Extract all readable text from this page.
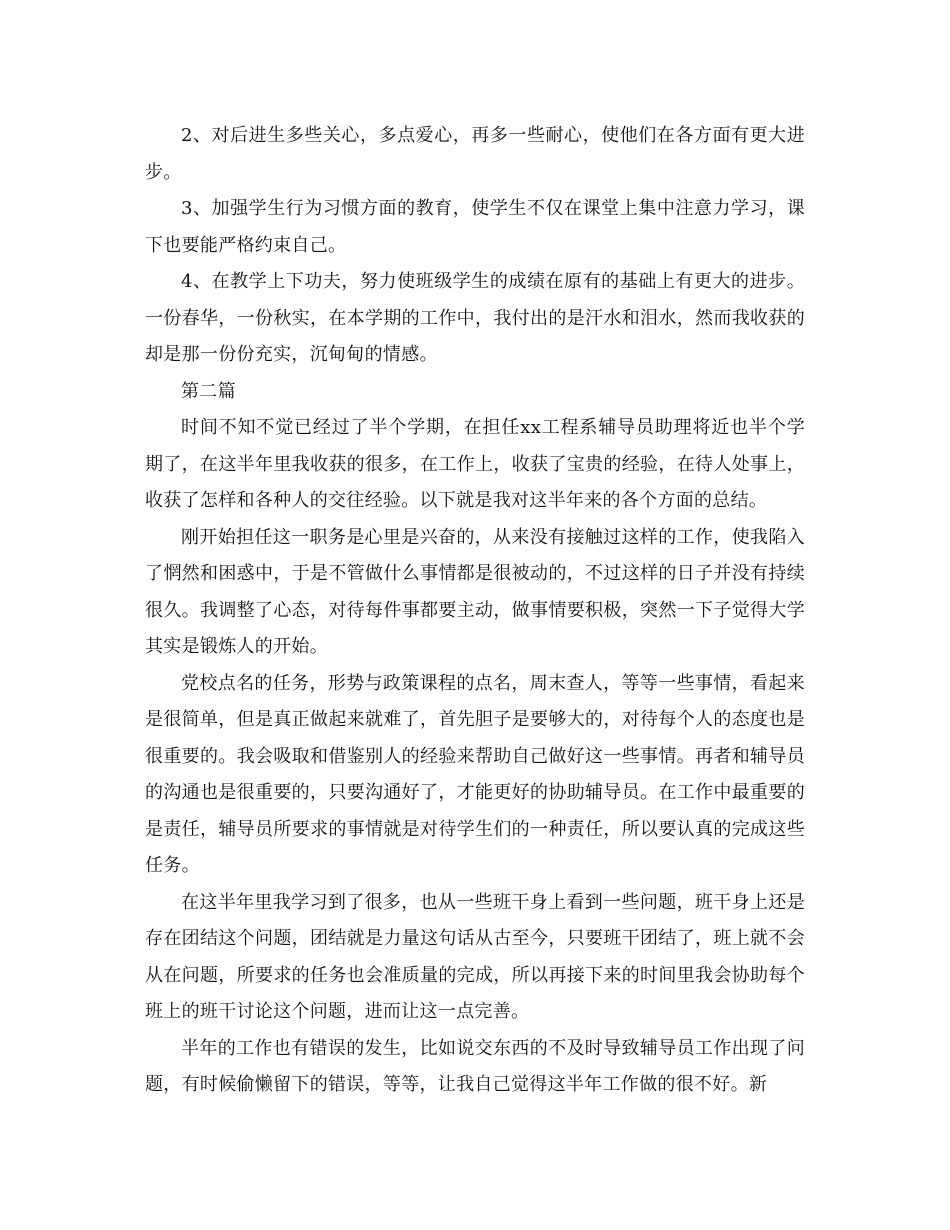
2、对后进生多些关心，多点爱心，再多一些耐心，使他们在各方面有更大进步。

3、加强学生行为习惯方面的教育，使学生不仅在课堂上集中注意力学习，课下也要能严格约束自己。

4、在教学上下功夫，努力使班级学生的成绩在原有的基础上有更大的进步。一份春华，一份秋实，在本学期的工作中，我付出的是汗水和泪水，然而我收获的却是那一份份充实，沉甸甸的情感。

第二篇

时间不知不觉已经过了半个学期，在担任xx工程系辅导员助理将近也半个学期了，在这半年里我收获的很多，在工作上，收获了宝贵的经验，在待人处事上，收获了怎样和各种人的交往经验。以下就是我对这半年来的各个方面的总结。

刚开始担任这一职务是心里是兴奋的，从来没有接触过这样的工作，使我陷入了惘然和困惑中，于是不管做什么事情都是很被动的，不过这样的日子并没有持续很久。我调整了心态，对待每件事都要主动，做事情要积极，突然一下子觉得大学其实是锻炼人的开始。

党校点名的任务，形势与政策课程的点名，周末查人，等等一些事情，看起来是很简单，但是真正做起来就难了，首先胆子是要够大的，对待每个人的态度也是很重要的。我会吸取和借鉴别人的经验来帮助自己做好这一些事情。再者和辅导员的沟通也是很重要的，只要沟通好了，才能更好的协助辅导员。在工作中最重要的是责任，辅导员所要求的事情就是对待学生们的一种责任，所以要认真的完成这些任务。

在这半年里我学习到了很多，也从一些班干身上看到一些问题，班干身上还是存在团结这个问题，团结就是力量这句话从古至今，只要班干团结了，班上就不会从在问题，所要求的任务也会准质量的完成，所以再接下来的时间里我会协助每个班上的班干讨论这个问题，进而让这一点完善。

半年的工作也有错误的发生，比如说交东西的不及时导致辅导员工作出现了问题，有时候偷懒留下的错误，等等，让我自己觉得这半年工作做的很不好。新
